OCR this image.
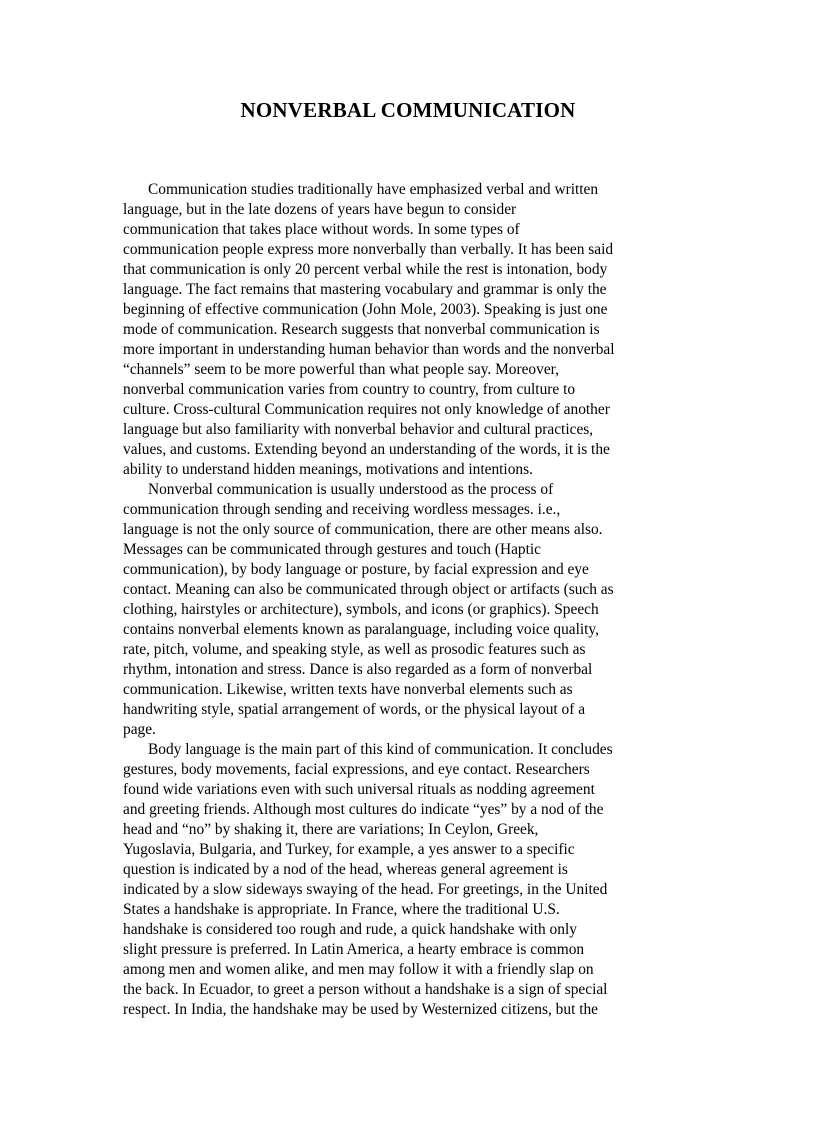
NONVERBAL COMMUNICATION

Communication studies traditionally have emphasized verbal and written
language, but in the late dozens of years have begun to consider
communication that takes place without words. In some types of
communication people express more nonverbally than verbally. It has been said
that communication is only 20 percent verbal while the rest is intonation, body
language. The fact remains that mastering vocabulary and grammar is only the
beginning of effective communication (John Mole, 2003). Speaking is just one
mode of communication. Research suggests that nonverbal communication is
more important in understanding human behavior than words and the nonverbal
“channels” seem to be more powerful than what people say. Moreover,
nonverbal communication varies from country to country, from culture to
culture. Cross-cultural Communication requires not only knowledge of another
language but also familiarity with nonverbal behavior and cultural practices,
values, and customs. Extending beyond an understanding of the words, it is the
ability to understand hidden meanings, motivations and intentions.

Nonverbal communication is usually understood as the process of
communication through sending and receiving wordless messages. i.e.,
language is not the only source of communication, there are other means also.
Messages can be communicated through gestures and touch (Haptic
communication), by body language or posture, by facial expression and eye
contact. Meaning can also be communicated through object or artifacts (such as
clothing, hairstyles or architecture), symbols, and icons (or graphics). Speech
contains nonverbal elements known as paralanguage, including voice quality,
rate, pitch, volume, and speaking style, as well as prosodic features such as
rhythm, intonation and stress. Dance is also regarded as a form of nonverbal
communication. Likewise, written texts have nonverbal elements such as
handwriting style, spatial arrangement of words, or the physical layout of a
page.

Body language is the main part of this kind of communication. It concludes
gestures, body movements, facial expressions, and eye contact. Researchers
found wide variations even with such universal rituals as nodding agreement
and greeting friends. Although most cultures do indicate “yes” by a nod of the
head and “no” by shaking it, there are variations; In Ceylon, Greek,
Yugoslavia, Bulgaria, and Turkey, for example, a yes answer to a specific
question is indicated by a nod of the head, whereas general agreement is
indicated by a slow sideways swaying of the head. For greetings, in the United
States a handshake is appropriate. In France, where the traditional U.S.
handshake is considered too rough and rude, a quick handshake with only
slight pressure is preferred. In Latin America, a hearty embrace is common
among men and women alike, and men may follow it with a friendly slap on
the back. In Ecuador, to greet a person without a handshake is a sign of special
respect. In India, the handshake may be used by Westernized citizens, but the
